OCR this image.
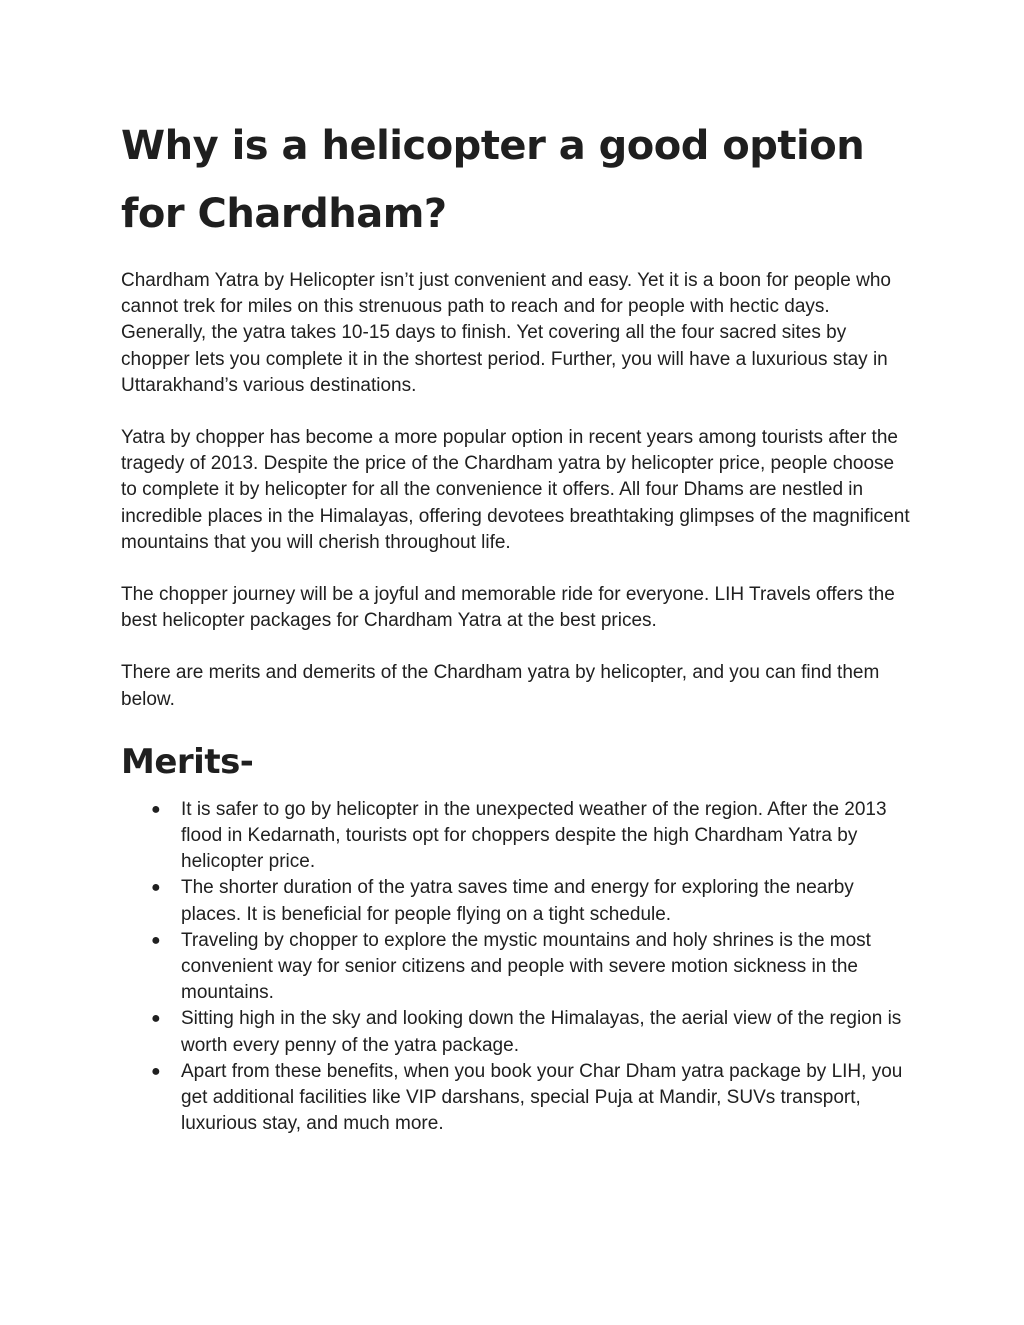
Why is a helicopter a good option for Chardham?

Chardham Yatra by Helicopter isn’t just convenient and easy. Yet it is a boon for people who cannot trek for miles on this strenuous path to reach and for people with hectic days. Generally, the yatra takes 10-15 days to finish. Yet covering all the four sacred sites by chopper lets you complete it in the shortest period. Further, you will have a luxurious stay in Uttarakhand’s various destinations.

Yatra by chopper has become a more popular option in recent years among tourists after the tragedy of 2013. Despite the price of the Chardham yatra by helicopter price, people choose to complete it by helicopter for all the convenience it offers. All four Dhams are nestled in incredible places in the Himalayas, offering devotees breathtaking glimpses of the magnificent mountains that you will cherish throughout life.

The chopper journey will be a joyful and memorable ride for everyone. LIH Travels offers the best helicopter packages for Chardham Yatra at the best prices.

There are merits and demerits of the Chardham yatra by helicopter, and you can find them below.

Merits-
● It is safer to go by helicopter in the unexpected weather of the region. After the 2013 flood in Kedarnath, tourists opt for choppers despite the high Chardham Yatra by helicopter price.
● The shorter duration of the yatra saves time and energy for exploring the nearby places. It is beneficial for people flying on a tight schedule.
● Traveling by chopper to explore the mystic mountains and holy shrines is the most convenient way for senior citizens and people with severe motion sickness in the mountains.
● Sitting high in the sky and looking down the Himalayas, the aerial view of the region is worth every penny of the yatra package.
● Apart from these benefits, when you book your Char Dham yatra package by LIH, you get additional facilities like VIP darshans, special Puja at Mandir, SUVs transport, luxurious stay, and much more.
